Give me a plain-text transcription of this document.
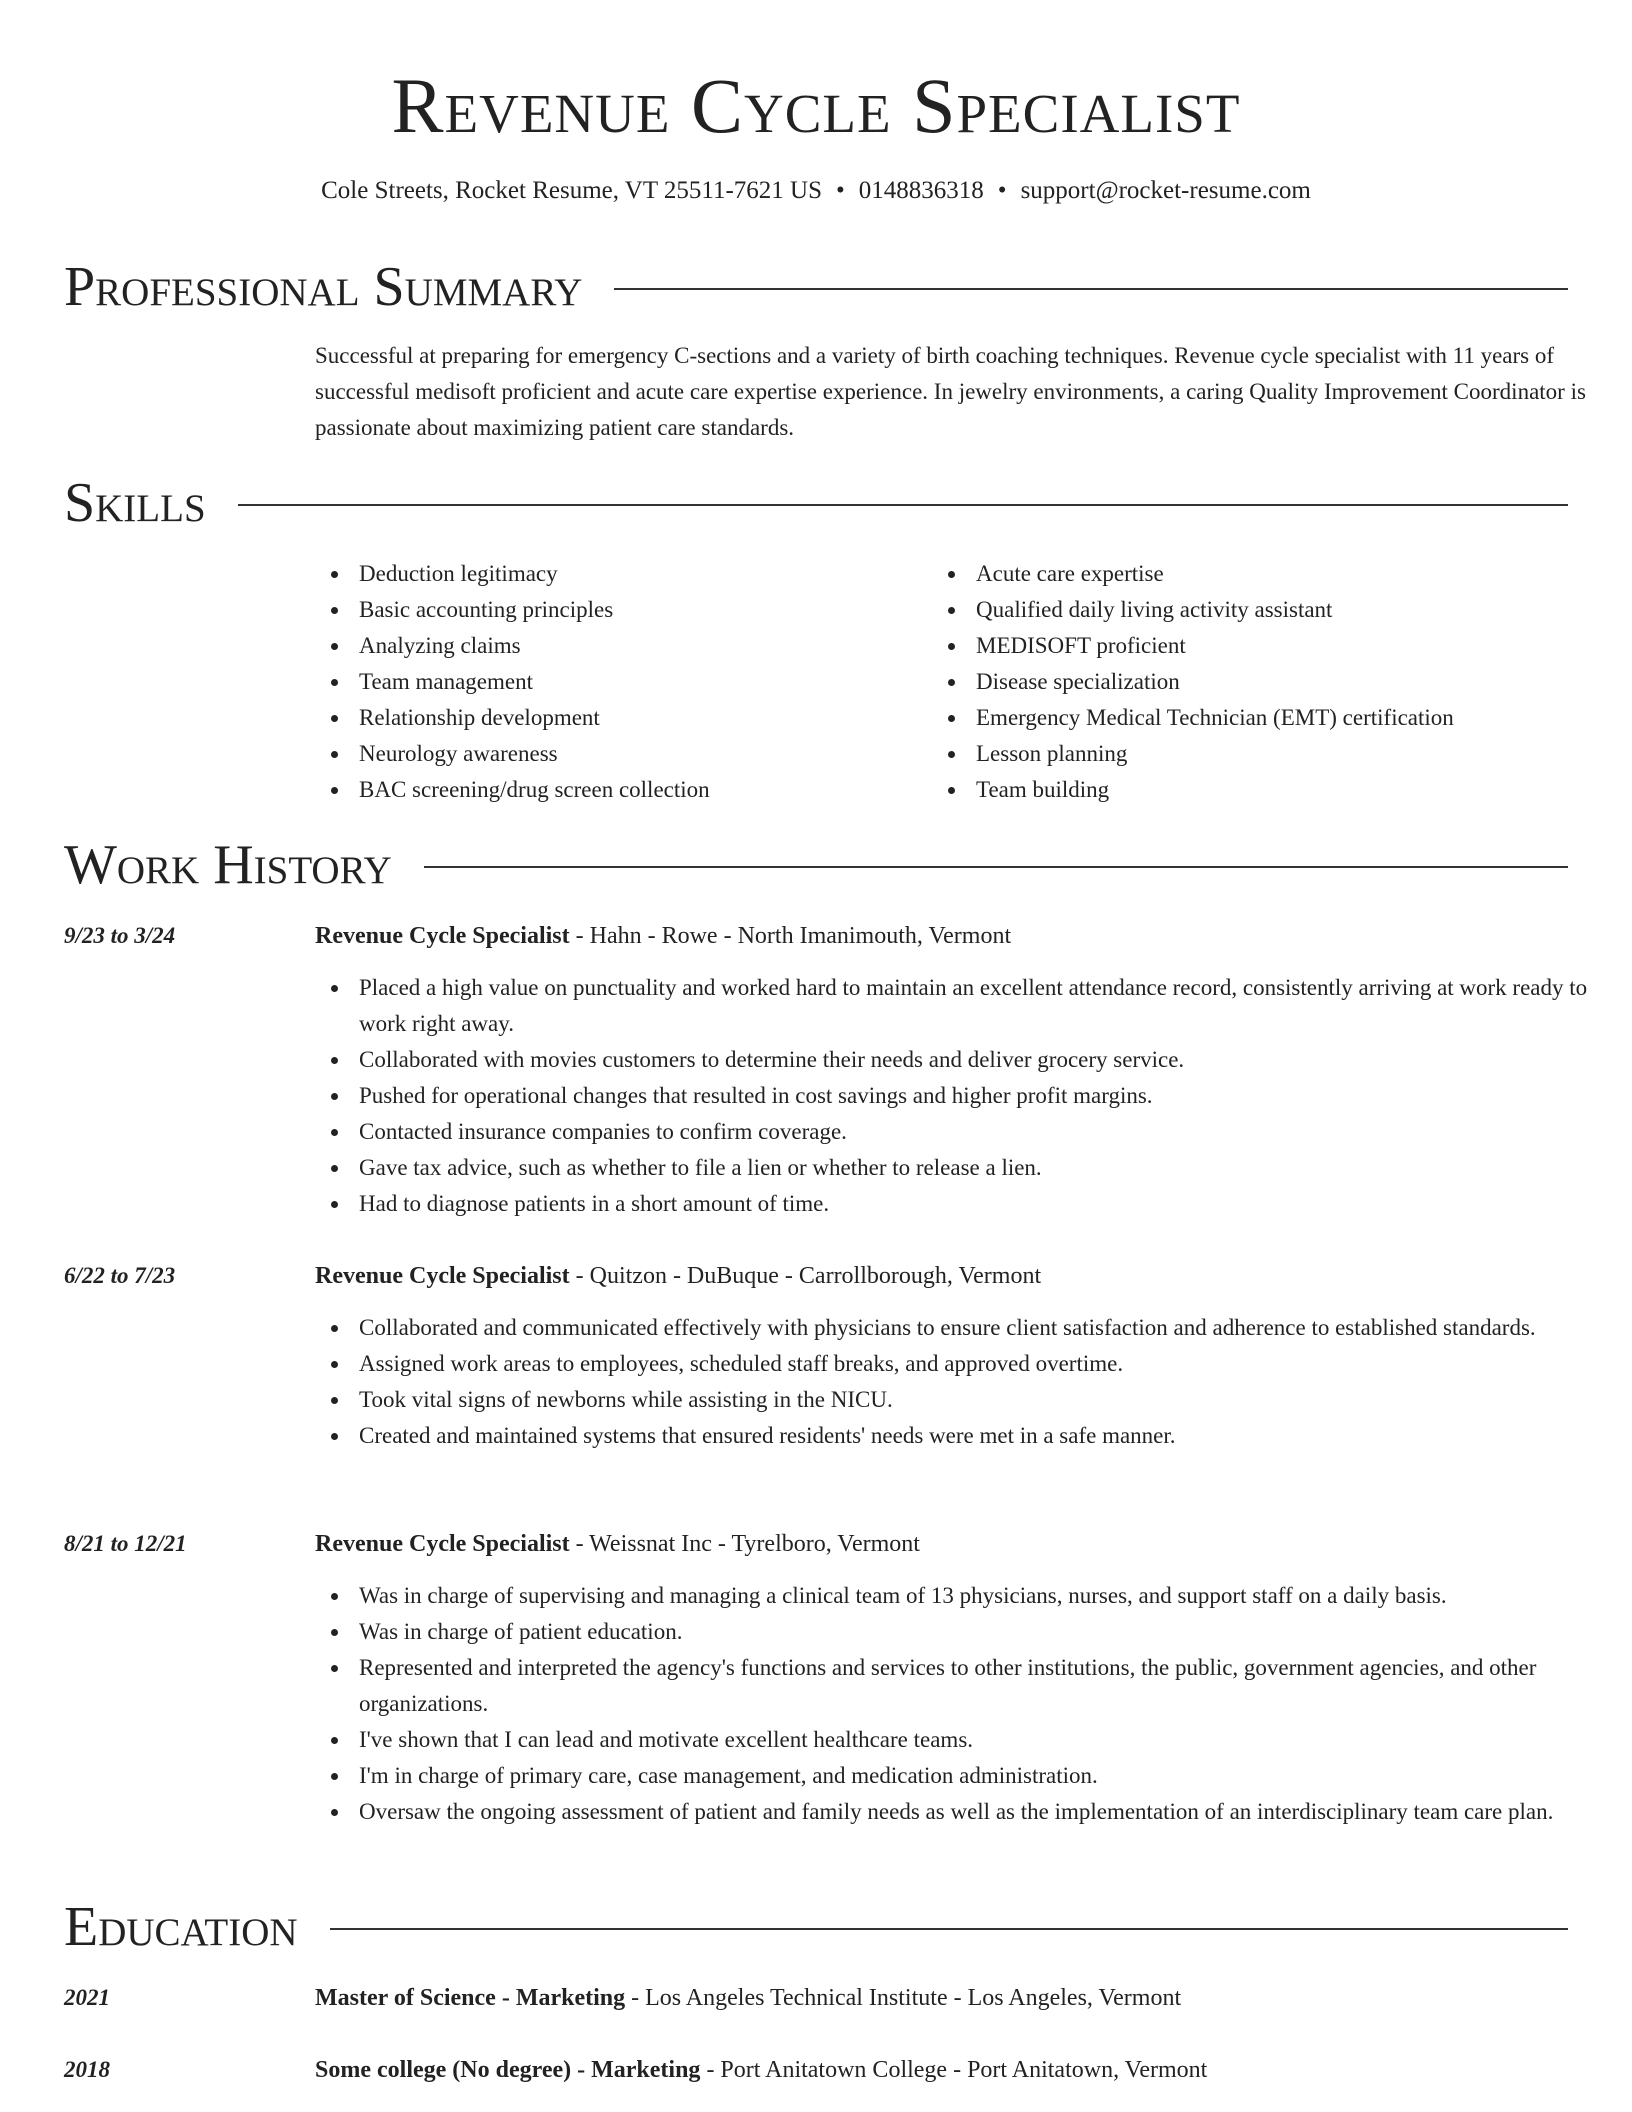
Revenue Cycle Specialist
Cole Streets, Rocket Resume, VT 25511-7621 US • 0148836318 • support@rocket-resume.com
Professional Summary
Successful at preparing for emergency C-sections and a variety of birth coaching techniques. Revenue cycle specialist with 11 years of successful medisoft proficient and acute care expertise experience. In jewelry environments, a caring Quality Improvement Coordinator is passionate about maximizing patient care standards.
Skills
Deduction legitimacy
Basic accounting principles
Analyzing claims
Team management
Relationship development
Neurology awareness
BAC screening/drug screen collection
Acute care expertise
Qualified daily living activity assistant
MEDISOFT proficient
Disease specialization
Emergency Medical Technician (EMT) certification
Lesson planning
Team building
Work History
9/23 to 3/24	Revenue Cycle Specialist - Hahn - Rowe - North Imanimouth, Vermont
Placed a high value on punctuality and worked hard to maintain an excellent attendance record, consistently arriving at work ready to work right away.
Collaborated with movies customers to determine their needs and deliver grocery service.
Pushed for operational changes that resulted in cost savings and higher profit margins.
Contacted insurance companies to confirm coverage.
Gave tax advice, such as whether to file a lien or whether to release a lien.
Had to diagnose patients in a short amount of time.
6/22 to 7/23	Revenue Cycle Specialist - Quitzon - DuBuque - Carrollborough, Vermont
Collaborated and communicated effectively with physicians to ensure client satisfaction and adherence to established standards.
Assigned work areas to employees, scheduled staff breaks, and approved overtime.
Took vital signs of newborns while assisting in the NICU.
Created and maintained systems that ensured residents' needs were met in a safe manner.
8/21 to 12/21	Revenue Cycle Specialist - Weissnat Inc - Tyrelboro, Vermont
Was in charge of supervising and managing a clinical team of 13 physicians, nurses, and support staff on a daily basis.
Was in charge of patient education.
Represented and interpreted the agency's functions and services to other institutions, the public, government agencies, and other organizations.
I've shown that I can lead and motivate excellent healthcare teams.
I'm in charge of primary care, case management, and medication administration.
Oversaw the ongoing assessment of patient and family needs as well as the implementation of an interdisciplinary team care plan.
Education
2021	Master of Science - Marketing - Los Angeles Technical Institute - Los Angeles, Vermont
2018	Some college (No degree) - Marketing - Port Anitatown College - Port Anitatown, Vermont
